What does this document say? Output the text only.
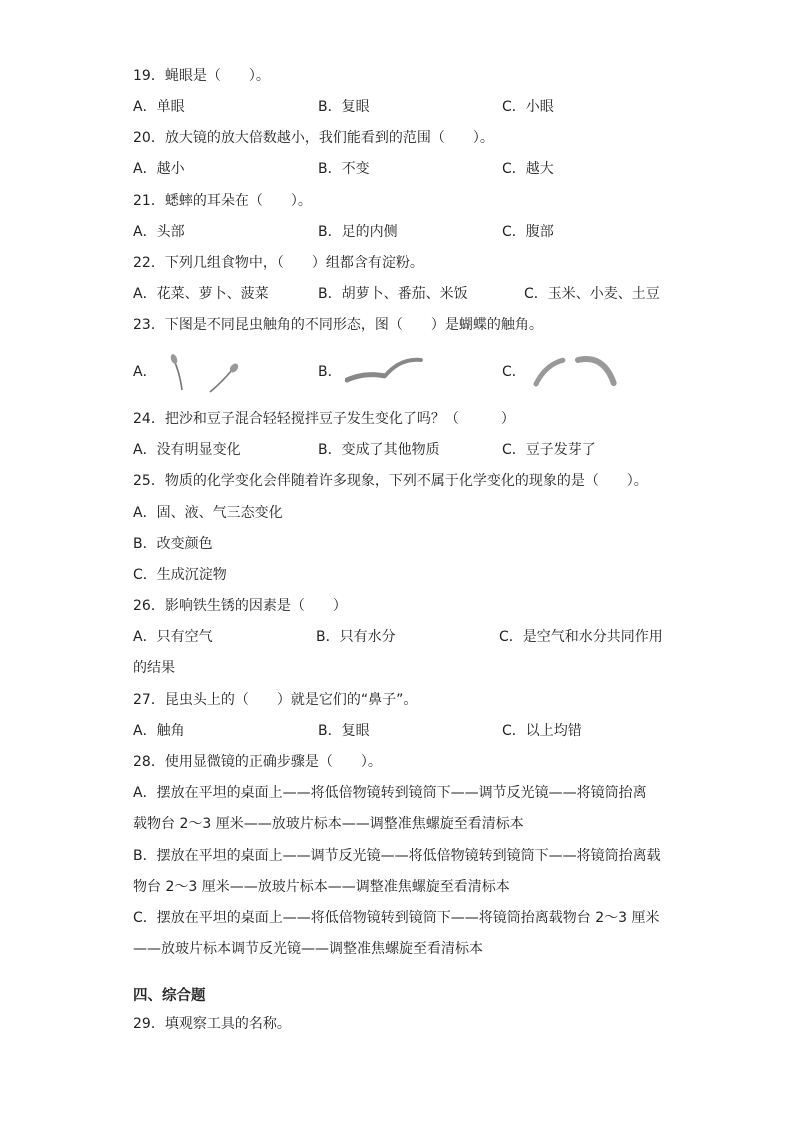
19．蝇眼是（　　）。
A．单眼	B．复眼	C．小眼
20．放大镜的放大倍数越小，我们能看到的范围（　　）。
A．越小	B．不变	C．越大
21．蟋蟀的耳朵在（　　）。
A．头部	B．足的内侧	C．腹部
22．下列几组食物中，（　　）组都含有淀粉。
A．花菜、萝卜、菠菜	B．胡萝卜、番茄、米饭	C．玉米、小麦、土豆
23．下图是不同昆虫触角的不同形态，图（　　）是蝴蝶的触角。
A．	B．	C．
24．把沙和豆子混合轻轻搅拌豆子发生变化了吗？（　　　）
A．没有明显变化	B．变成了其他物质	C．豆子发芽了
25．物质的化学变化会伴随着许多现象，下列不属于化学变化的现象的是（　　）。
A．固、液、气三态变化
B．改变颜色
C．生成沉淀物
26．影响铁生锈的因素是（　　）
A．只有空气	B．只有水分	C．是空气和水分共同作用
的结果
27．昆虫头上的（　　）就是它们的“鼻子”。
A．触角	B．复眼	C．以上均错
28．使用显微镜的正确步骤是（　　）。
A．摆放在平坦的桌面上——将低倍物镜转到镜筒下——调节反光镜——将镜筒抬离
载物台 2～3 厘米——放玻片标本——调整准焦螺旋至看清标本
B．摆放在平坦的桌面上——调节反光镜——将低倍物镜转到镜筒下——将镜筒抬离载
物台 2～3 厘米——放玻片标本——调整准焦螺旋至看清标本
C．摆放在平坦的桌面上——将低倍物镜转到镜筒下——将镜筒抬离载物台 2～3 厘米
——放玻片标本调节反光镜——调整准焦螺旋至看清标本
四、综合题
29．填观察工具的名称。
